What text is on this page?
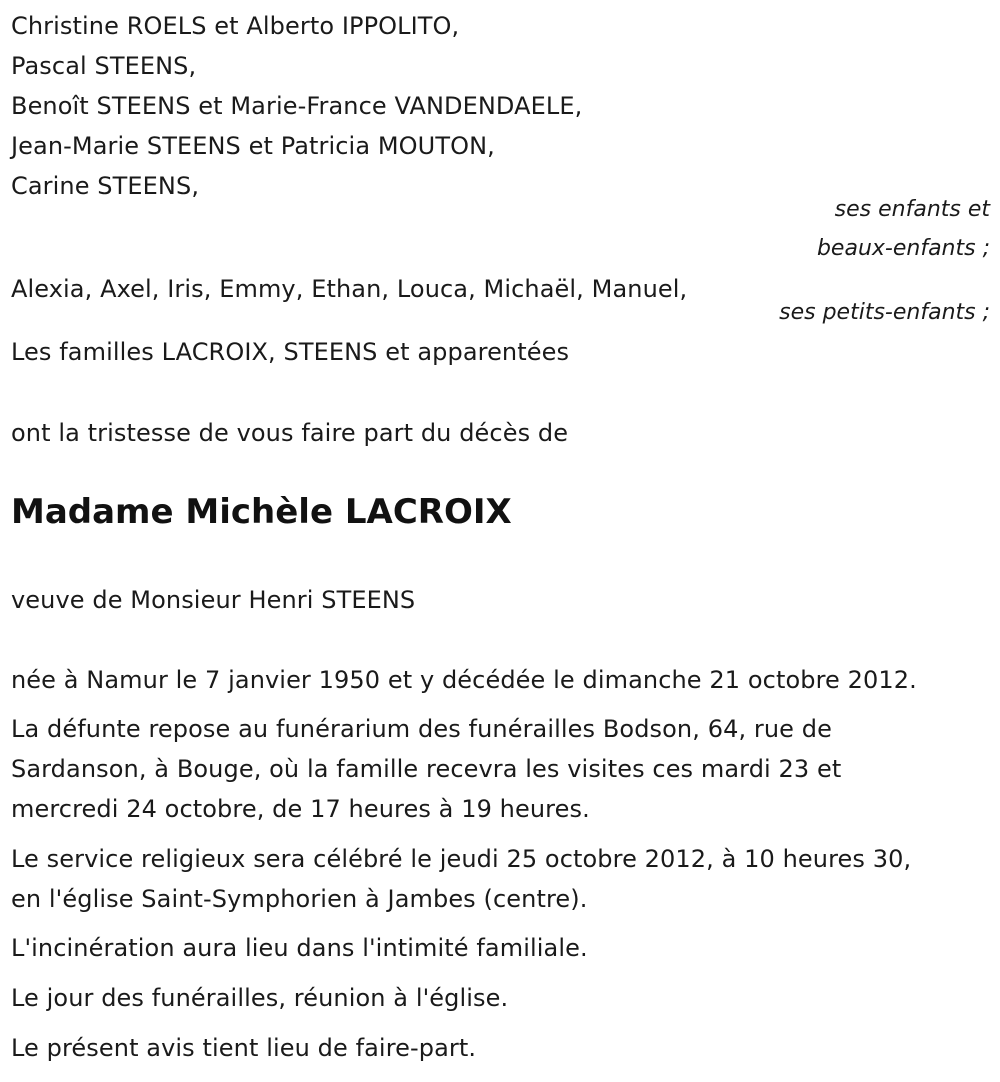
Christine ROELS et Alberto IPPOLITO,
Pascal STEENS,
Benoît STEENS et Marie-France VANDENDAELE,
Jean-Marie STEENS et Patricia MOUTON,
Carine STEENS,
ses enfants et
beaux-enfants ;
Alexia, Axel, Iris, Emmy, Ethan, Louca, Michaël, Manuel,
ses petits-enfants ;
Les familles LACROIX, STEENS et apparentées
ont la tristesse de vous faire part du décès de
Madame Michèle LACROIX
veuve de Monsieur Henri STEENS
née à Namur le 7 janvier 1950 et y décédée le dimanche 21 octobre 2012.
La défunte repose au funérarium des funérailles Bodson, 64, rue de
Sardanson, à Bouge, où la famille recevra les visites ces mardi 23 et
mercredi 24 octobre, de 17 heures à 19 heures.
Le service religieux sera célébré le jeudi 25 octobre 2012, à 10 heures 30,
en l'église Saint-Symphorien à Jambes (centre).
L'incinération aura lieu dans l'intimité familiale.
Le jour des funérailles, réunion à l'église.
Le présent avis tient lieu de faire-part.
